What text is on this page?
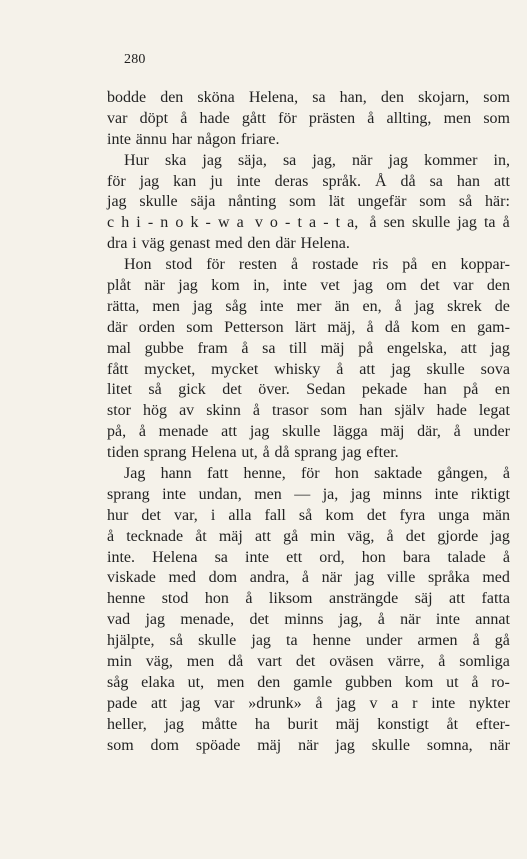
280
bodde den sköna Helena, sa han, den skojarn, som
var döpt å hade gått för prästen å allting, men som
inte ännu har någon friare.
Hur ska jag säja, sa jag, när jag kommer in,
för jag kan ju inte deras språk. Å då sa han att
jag skulle säja nånting som lät ungefär som så här:
c h i - n o k - w a v o - t a - t a, å sen skulle jag ta å
dra i väg genast med den där Helena.
Hon stod för resten å rostade ris på en koppar-
plåt när jag kom in, inte vet jag om det var den
rätta, men jag såg inte mer än en, å jag skrek de
där orden som Petterson lärt mäj, å då kom en gam-
mal gubbe fram å sa till mäj på engelska, att jag
fått mycket, mycket whisky å att jag skulle sova
litet så gick det över. Sedan pekade han på en
stor hög av skinn å trasor som han själv hade legat
på, å menade att jag skulle lägga mäj där, å under
tiden sprang Helena ut, å då sprang jag efter.
Jag hann fatt henne, för hon saktade gången, å
sprang inte undan, men — ja, jag minns inte riktigt
hur det var, i alla fall så kom det fyra unga män
å tecknade åt mäj att gå min väg, å det gjorde jag
inte. Helena sa inte ett ord, hon bara talade å
viskade med dom andra, å när jag ville språka med
henne stod hon å liksom ansträngde säj att fatta
vad jag menade, det minns jag, å när inte annat
hjälpte, så skulle jag ta henne under armen å gå
min väg, men då vart det oväsen värre, å somliga
såg elaka ut, men den gamle gubben kom ut å ro-
pade att jag var »drunk» å jag v a r inte nykter
heller, jag måtte ha burit mäj konstigt åt efter-
som dom spöade mäj när jag skulle somna, när
